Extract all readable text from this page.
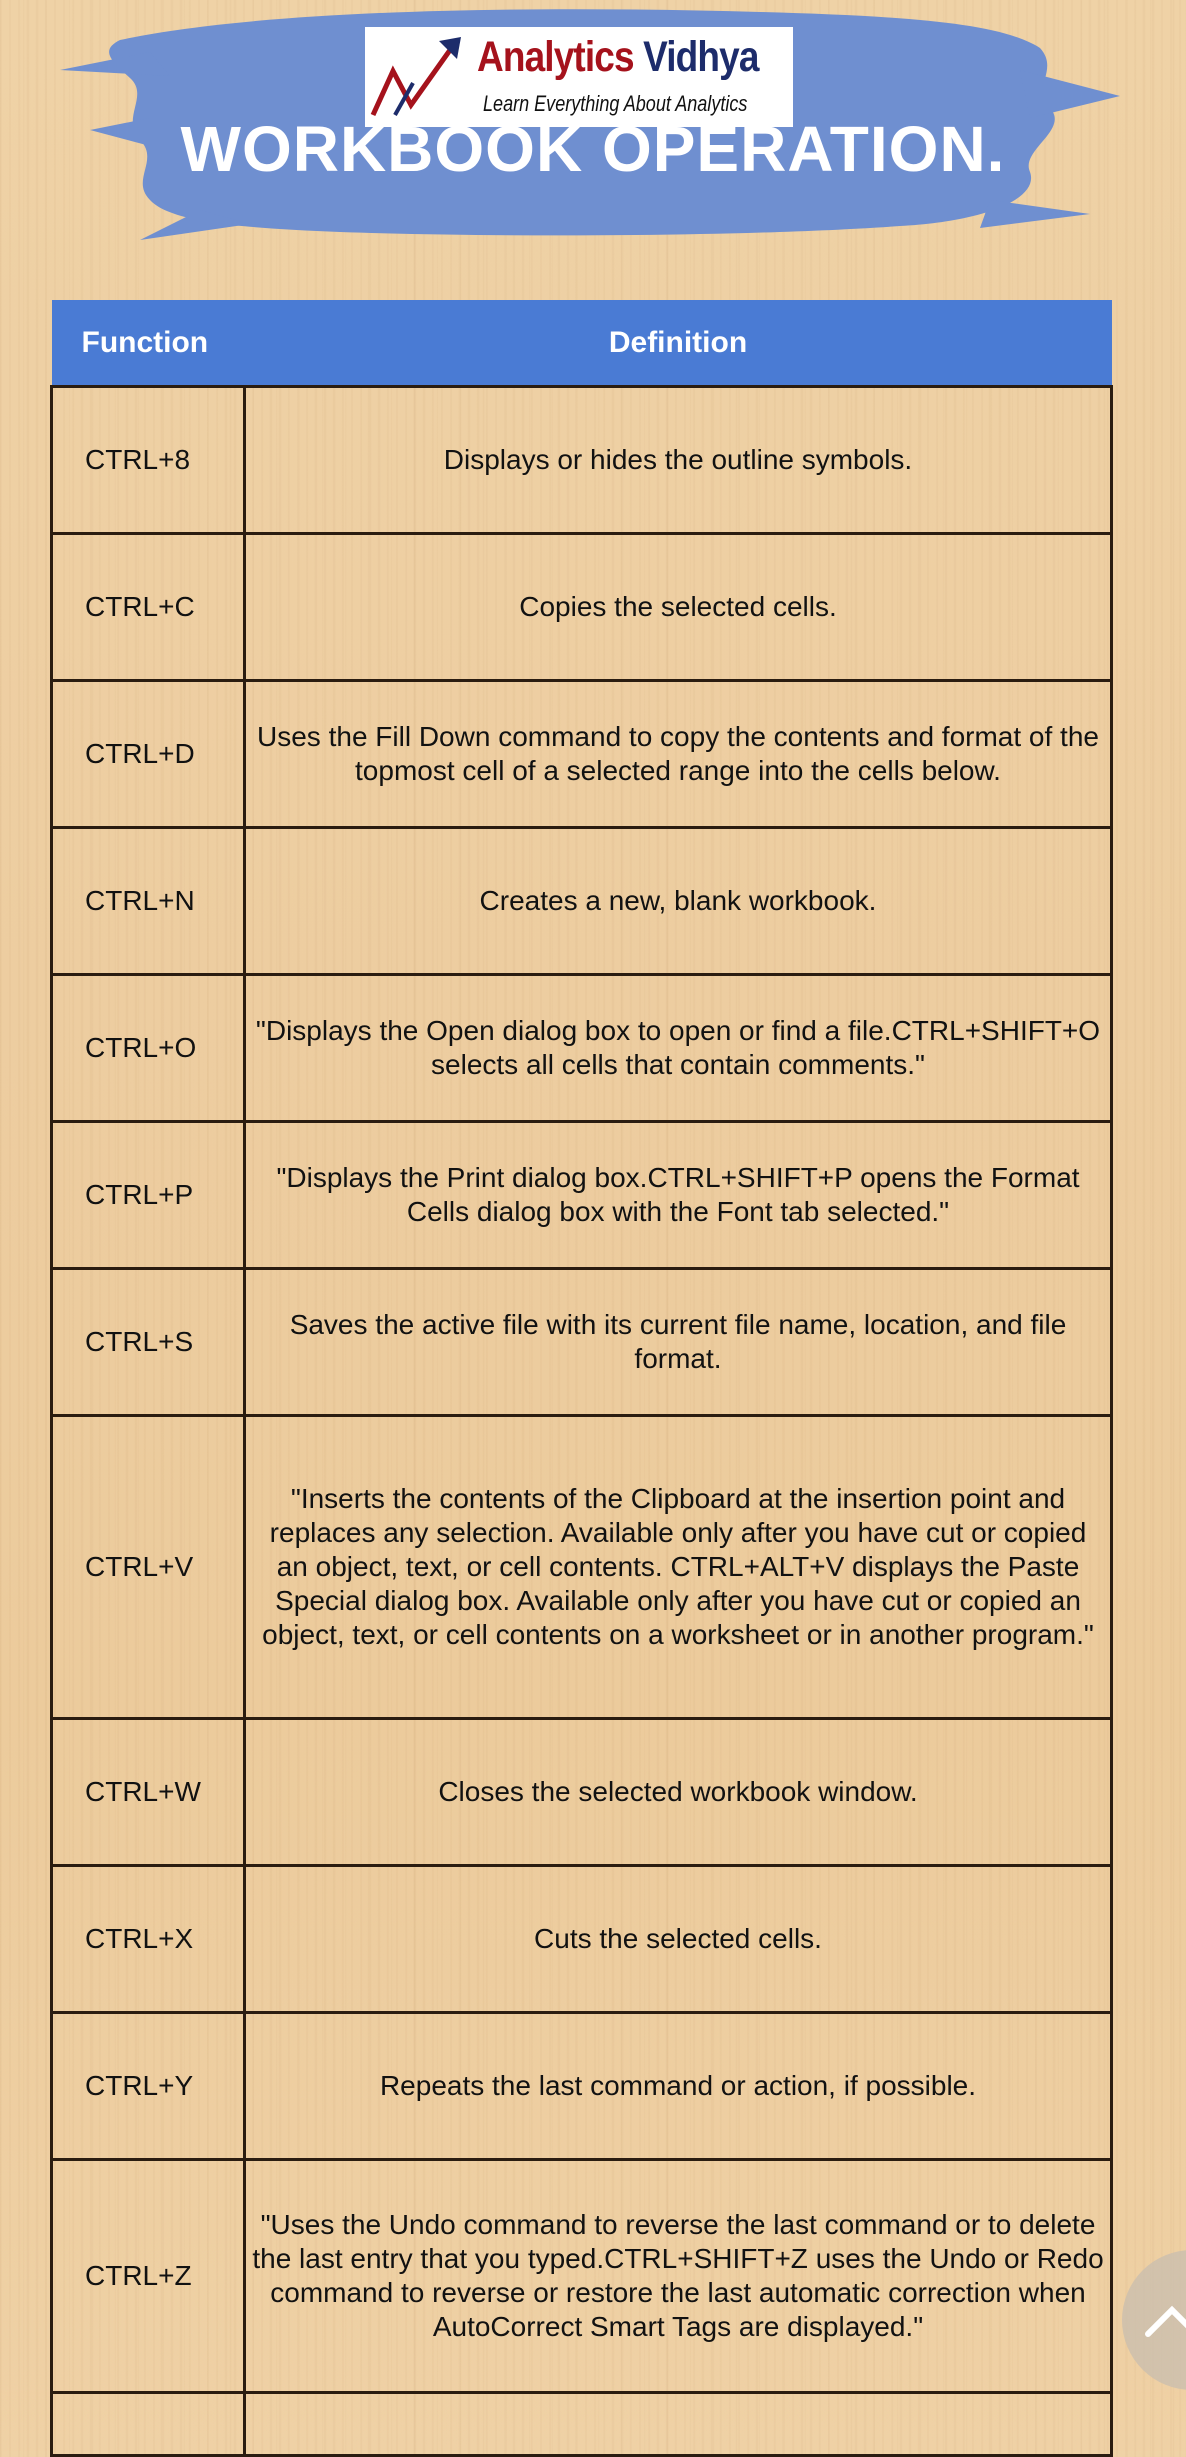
Analytics Vidhya
Learn Everything About Analytics
WORKBOOK OPERATION.
Function	Definition
CTRL+8	Displays or hides the outline symbols.
CTRL+C	Copies the selected cells.
CTRL+D	Uses the Fill Down command to copy the contents and format of the topmost cell of a selected range into the cells below.
CTRL+N	Creates a new, blank workbook.
CTRL+O	"Displays the Open dialog box to open or find a file.CTRL+SHIFT+O selects all cells that contain comments."
CTRL+P	"Displays the Print dialog box.CTRL+SHIFT+P opens the Format Cells dialog box with the Font tab selected."
CTRL+S	Saves the active file with its current file name, location, and file format.
CTRL+V	"Inserts the contents of the Clipboard at the insertion point and replaces any selection. Available only after you have cut or copied an object, text, or cell contents. CTRL+ALT+V displays the Paste Special dialog box. Available only after you have cut or copied an object, text, or cell contents on a worksheet or in another program."
CTRL+W	Closes the selected workbook window.
CTRL+X	Cuts the selected cells.
CTRL+Y	Repeats the last command or action, if possible.
CTRL+Z	"Uses the Undo command to reverse the last command or to delete the last entry that you typed.CTRL+SHIFT+Z uses the Undo or Redo command to reverse or restore the last automatic correction when AutoCorrect Smart Tags are displayed."
